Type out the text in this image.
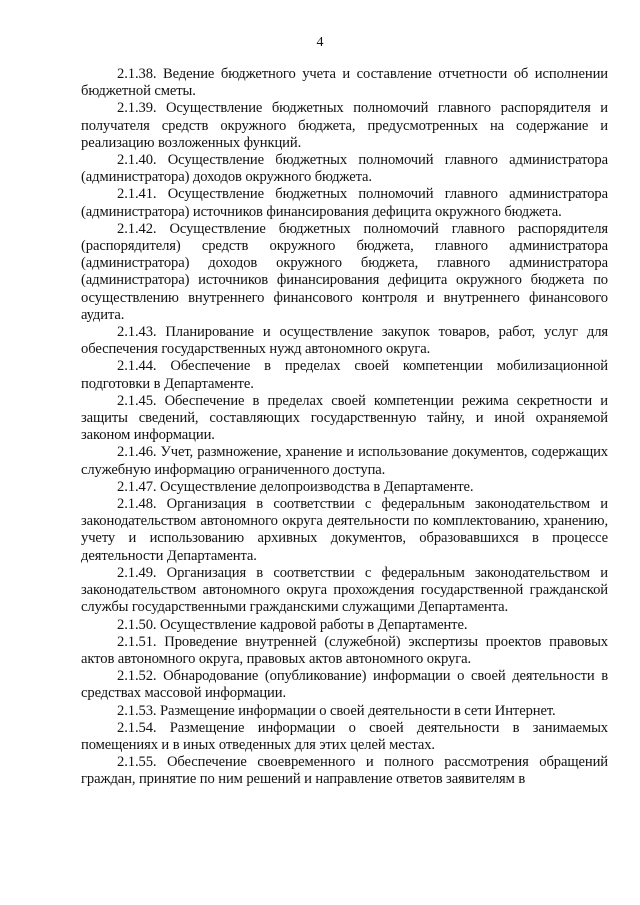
4

2.1.38. Ведение бюджетного учета и составление отчетности об исполнении бюджетной сметы.

2.1.39. Осуществление бюджетных полномочий главного распорядителя и получателя средств окружного бюджета, предусмотренных на содержание и реализацию возложенных функций.

2.1.40. Осуществление бюджетных полномочий главного администратора (администратора) доходов окружного бюджета.

2.1.41. Осуществление бюджетных полномочий главного администратора (администратора) источников финансирования дефицита окружного бюджета.

2.1.42. Осуществление бюджетных полномочий главного распорядителя (распорядителя) средств окружного бюджета, главного администратора (администратора) доходов окружного бюджета, главного администратора (администратора) источников финансирования дефицита окружного бюджета по осуществлению внутреннего финансового контроля и внутреннего финансового аудита.

2.1.43. Планирование и осуществление закупок товаров, работ, услуг для обеспечения государственных нужд автономного округа.

2.1.44. Обеспечение в пределах своей компетенции мобилизационной подготовки в Департаменте.

2.1.45. Обеспечение в пределах своей компетенции режима секретности и защиты сведений, составляющих государственную тайну, и иной охраняемой законом информации.

2.1.46. Учет, размножение, хранение и использование документов, содержащих служебную информацию ограниченного доступа.

2.1.47. Осуществление делопроизводства в Департаменте.

2.1.48. Организация в соответствии с федеральным законодательством и законодательством автономного округа деятельности по комплектованию, хранению, учету и использованию архивных документов, образовавшихся в процессе деятельности Департамента.

2.1.49. Организация в соответствии с федеральным законодательством и законодательством автономного округа прохождения государственной гражданской службы государственными гражданскими служащими Департамента.

2.1.50. Осуществление кадровой работы в Департаменте.

2.1.51. Проведение внутренней (служебной) экспертизы проектов правовых актов автономного округа, правовых актов автономного округа.

2.1.52. Обнародование (опубликование) информации о своей деятельности в средствах массовой информации.

2.1.53. Размещение информации о своей деятельности в сети Интернет.

2.1.54. Размещение информации о своей деятельности в занимаемых помещениях и в иных отведенных для этих целей местах.

2.1.55. Обеспечение своевременного и полного рассмотрения обращений граждан, принятие по ним решений и направление ответов заявителям в
